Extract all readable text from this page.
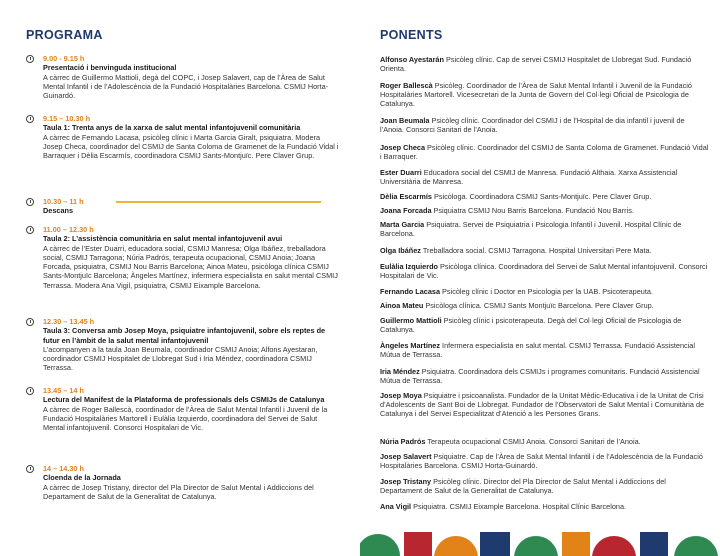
PROGRAMA
9.00 - 9.15 h
Presentació i benvinguda institucional
A càrrec de Guillermo Mattioli, degà del COPC, i Josep Salavert, cap de l’Àrea de Salut Mental Infantil i de l’Adolescència de la Fundació Hospitalàries Barcelona. CSMIJ Horta-Guinardó.
9.15 – 10.30 h
Taula 1: Trenta anys de la xarxa de salut mental infantojuvenil comunitària
A càrrec de Fernando Lacasa, psicòleg clínic i Marta Garcia Giralt, psiquiatra. Modera Josep Checa, coordinador del CSMIJ de Santa Coloma de Gramenet de la Fundació Vidal i Barraquer i Dèlia Escarmís, coordinadora CSMIJ Sants-Montjuïc. Pere Claver Grup.
10.30 – 11 h
Descans
11.00 – 12.30 h
Taula 2: L’assistència comunitària en salut mental infantojuvenil avui
A càrrec de l’Ester Duarri, educadora social, CSMIJ Manresa; Olga Ibáñez, treballadora social, CSMIJ Tarragona; Núria Padrós, terapeuta ocupacional, CSMIJ Anoia; Joana Forcada, psiquiatra, CSMIJ Nou Barris Barcelona; Ainoa Mateu, psicòloga clínica CSMIJ Sants-Montjuïc Barcelona; Àngeles Martínez, infermera especialista en salut mental CSMIJ Terrassa. Modera Ana Vigil, psiquiatra, CSMIJ Eixample Barcelona.
12.30 – 13.45 h
Taula 3: Conversa amb Josep Moya, psiquiatre infantojuvenil, sobre els reptes de futur en l’àmbit de la salut mental infantojuvenil
L’acompanyen a la taula Joan Beumala, coordinador CSMIJ Anoia; Alfons Ayestaran, coordinador CSMIJ Hospitalet de Llobregat Sud i Iria Méndez, coordinadora CSMIJ Terrassa.
13.45 – 14 h
Lectura del Manifest de la Plataforma de professionals dels CSMIJs de Catalunya
A càrrec de Roger Ballescà, coordinador de l’Àrea de Salut Mental Infantil i Juvenil de la Fundació Hospitalàries Martorell i Eulàlia Izquierdo, coordinadora del Servei de Salut Mental infantojuvenil. Consorci Hospitalari de Vic.
14 – 14.30 h
Cloenda de la Jornada
A càrrec de Josep Tristany, director del Pla Director de Salut Mental i Addiccions del Departament de Salut de la Generalitat de Catalunya.
PONENTS
Alfonso Ayestarán Psicòleg clínic. Cap de servei CSMIJ Hospitalet de Llobregat Sud. Fundació Orienta.
Roger Ballescà Psicòleg. Coordinador de l’Àrea de Salut Mental Infantil i Juvenil de la Fundació Hospitalàries Martorell. Vicesecretari de la Junta de Govern del Col·legi Oficial de Psicologia de Catalunya.
Joan Beumala Psicòleg clínic. Coordinador del CSMIJ i de l’Hospital de dia infantil i juvenil de l’Anoia. Consorci Sanitari de l’Anoia.
Josep Checa Psicòleg clínic. Coordinador del CSMIJ de Santa Coloma de Gramenet. Fundació Vidal i Barraquer.
Ester Duarri Educadora social del CSMIJ de Manresa. Fundació Althaia. Xarxa Assistencial Universitària de Manresa.
Dèlia Escarmís Psicòloga. Coordinadora CSMIJ Sants-Montjuïc. Pere Claver Grup.
Joana Forcada Psiquiatra CSMIJ Nou Barris Barcelona. Fundació Nou Barris.
Marta Garcia Psiquiatra. Servei de Psiquiatria i Psicologia Infantil i Juvenil. Hospital Clínic de Barcelona.
Olga Ibáñez Treballadora social. CSMIJ Tarragona. Hospital Universitari Pere Mata.
Eulàlia Izquierdo Psicòloga clínica. Coordinadora del Servei de Salut Mental infantojuvenil. Consorci Hospitalari de Vic.
Fernando Lacasa Psicòleg clínic i Doctor en Psicologia per la UAB. Psicoterapeuta.
Ainoa Mateu Psicòloga clínica. CSMIJ Sants Montjuïc Barcelona. Pere Claver Grup.
Guillermo Mattioli Psicòleg clínic i psicoterapeuta. Degà del Col·legi Oficial de Psicologia de Catalunya.
Àngeles Martínez Infermera especialista en salut mental. CSMIJ Terrassa. Fundació Assistencial Mútua de Terrassa.
Iria Méndez Psiquiatra. Coordinadora dels CSMIJs i programes comunitaris. Fundació Assistencial Mútua de Terrassa.
Josep Moya Psiquiatre i psicoanalista. Fundador de la Unitat Mèdic-Educativa i de la Unitat de Crisi d’Adolescents de Sant Boi de Llobregat. Fundador de l’Observatori de Salut Mental i Comunitària de Catalunya i del Servei Especialitzat d’Atenció a les Persones Grans.
Núria Padrós Terapeuta ocupacional CSMIJ Anoia. Consorci Sanitari de l’Anoia.
Josep Salavert Psiquiatre. Cap de l’Àrea de Salut Mental Infantil i de l’Adolescència de la Fundació Hospitalàries Barcelona. CSMIJ Horta-Guinardó.
Josep Tristany Psicòleg clínic. Director del Pla Director de Salut Mental i Addiccions del Departament de Salut de la Generalitat de Catalunya.
Ana Vigil Psiquiatra. CSMIJ Eixample Barcelona. Hospital Clínic Barcelona.
